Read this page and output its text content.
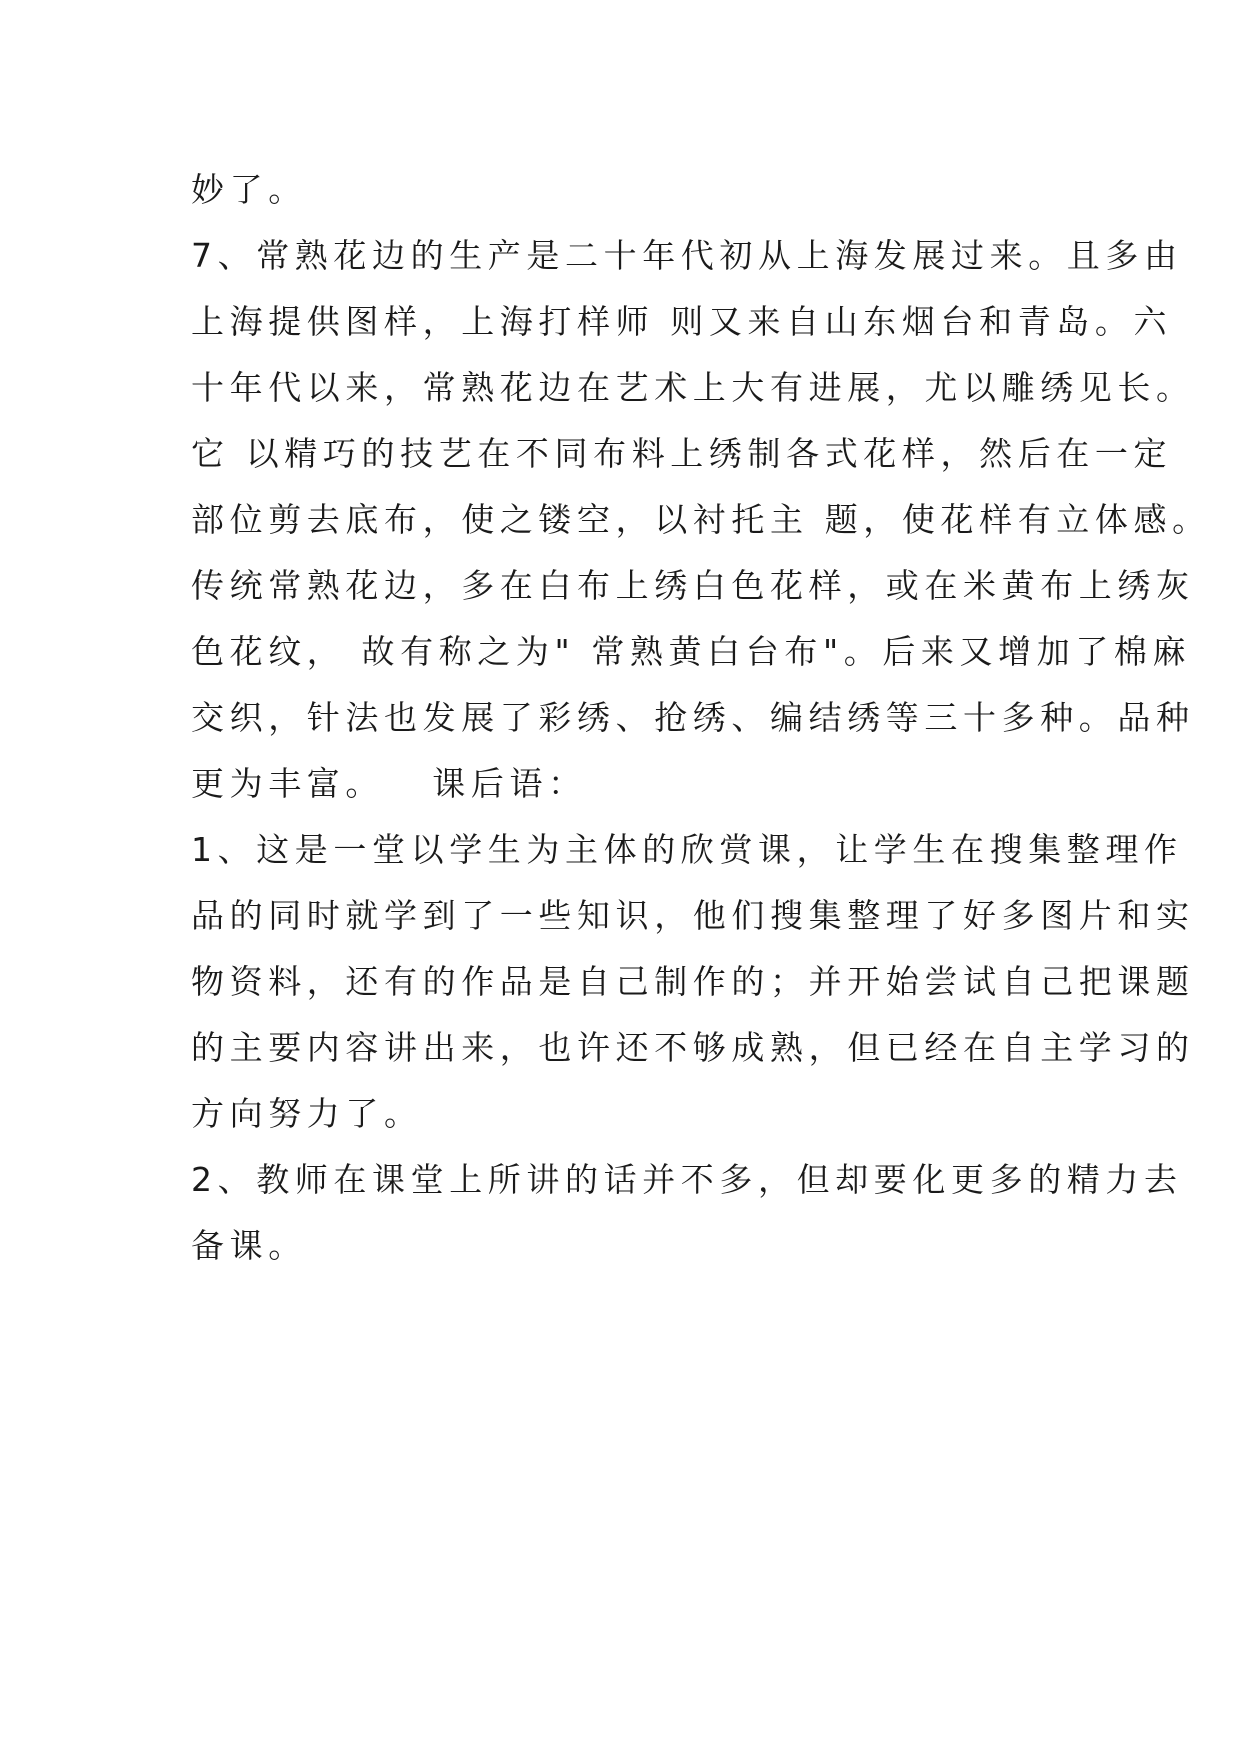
妙了。
7、常熟花边的生产是二十年代初从上海发展过来。且多由
上海提供图样，上海打样师 则又来自山东烟台和青岛。六
十年代以来，常熟花边在艺术上大有进展，尤以雕绣见长。
它 以精巧的技艺在不同布料上绣制各式花样，然后在一定
部位剪去底布，使之镂空，以衬托主 题，使花样有立体感。
传统常熟花边，多在白布上绣白色花样，或在米黄布上绣灰
色花纹， 故有称之为" 常熟黄白台布"。后来又增加了棉麻
交织，针法也发展了彩绣、抢绣、编结绣等三十多种。品种
更为丰富。   课后语：
1、这是一堂以学生为主体的欣赏课，让学生在搜集整理作
品的同时就学到了一些知识，他们搜集整理了好多图片和实
物资料，还有的作品是自己制作的；并开始尝试自己把课题
的主要内容讲出来，也许还不够成熟，但已经在自主学习的
方向努力了。
2、教师在课堂上所讲的话并不多，但却要化更多的精力去
备课。
